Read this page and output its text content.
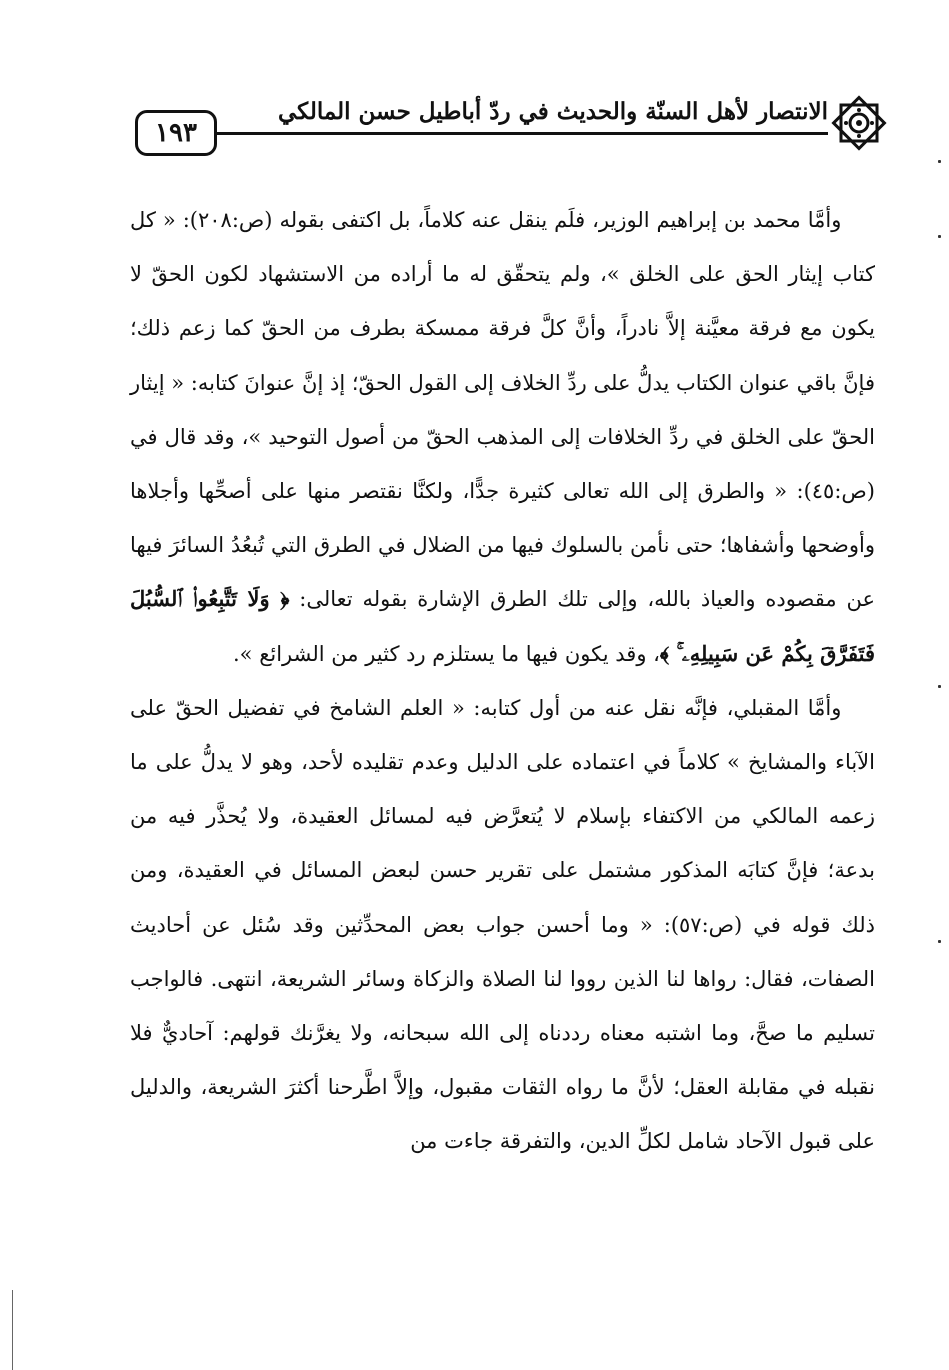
الانتصار لأهل السنّة والحديث في ردّ أباطيل حسن المالكي
١٩٣

وأمَّا محمد بن إبراهيم الوزير، فلَم ينقل عنه كلاماً، بل اكتفى بقوله (ص:٢٠٨): « كل كتاب إيثار الحق على الخلق »، ولم يتحقّق له ما أراده من الاستشهاد لكون الحقّ لا يكون مع فرقة معيَّنة إلاَّ نادراً، وأنَّ كلَّ فرقة ممسكة بطرف من الحقّ كما زعم ذلك؛ فإنَّ باقي عنوان الكتاب يدلُّ على ردِّ الخلاف إلى القول الحقّ؛ إذ إنَّ عنوانَ كتابه: « إيثار الحقّ على الخلق في ردِّ الخلافات إلى المذهب الحقّ من أصول التوحيد »، وقد قال في (ص:٤٥): « والطرق إلى الله تعالى كثيرة جدًّا، ولكنَّا نقتصر منها على أصحِّها وأجلاها وأوضحها وأشفاها؛ حتى نأمن بالسلوك فيها من الضلال في الطرق التي تُبعُدُ السائرَ فيها عن مقصوده والعياذ بالله، وإلى تلك الطرق الإشارة بقوله تعالى: ﴿ وَلَا تَتَّبِعُوا۟ ٱلسُّبُلَ فَتَفَرَّقَ بِكُمْ عَن سَبِيلِهِۦ ۚ ﴾، وقد يكون فيها ما يستلزم رد كثير من الشرائع ».

وأمَّا المقبلي، فإنَّه نقل عنه من أول كتابه: « العلم الشامخ في تفضيل الحقّ على الآباء والمشايخ » كلاماً في اعتماده على الدليل وعدم تقليده لأحد، وهو لا يدلُّ على ما زعمه المالكي من الاكتفاء بإسلام لا يُتعرَّض فيه لمسائل العقيدة، ولا يُحذَّر فيه من بدعة؛ فإنَّ كتابَه المذكور مشتمل على تقرير حسن لبعض المسائل في العقيدة، ومن ذلك قوله في (ص:٥٧): « وما أحسن جواب بعض المحدِّثين وقد سُئل عن أحاديث الصفات، فقال: رواها لنا الذين رووا لنا الصلاة والزكاة وسائر الشريعة، انتهى. فالواجب تسليم ما صحَّ، وما اشتبه معناه رددناه إلى الله سبحانه، ولا يغرَّنك قولهم: آحاديٌّ فلا نقبله في مقابلة العقل؛ لأنَّ ما رواه الثقات مقبول، وإلاَّ اطَّرحنا أكثرَ الشريعة، والدليل على قبول الآحاد شامل لكلِّ الدين، والتفرقة جاءت من
